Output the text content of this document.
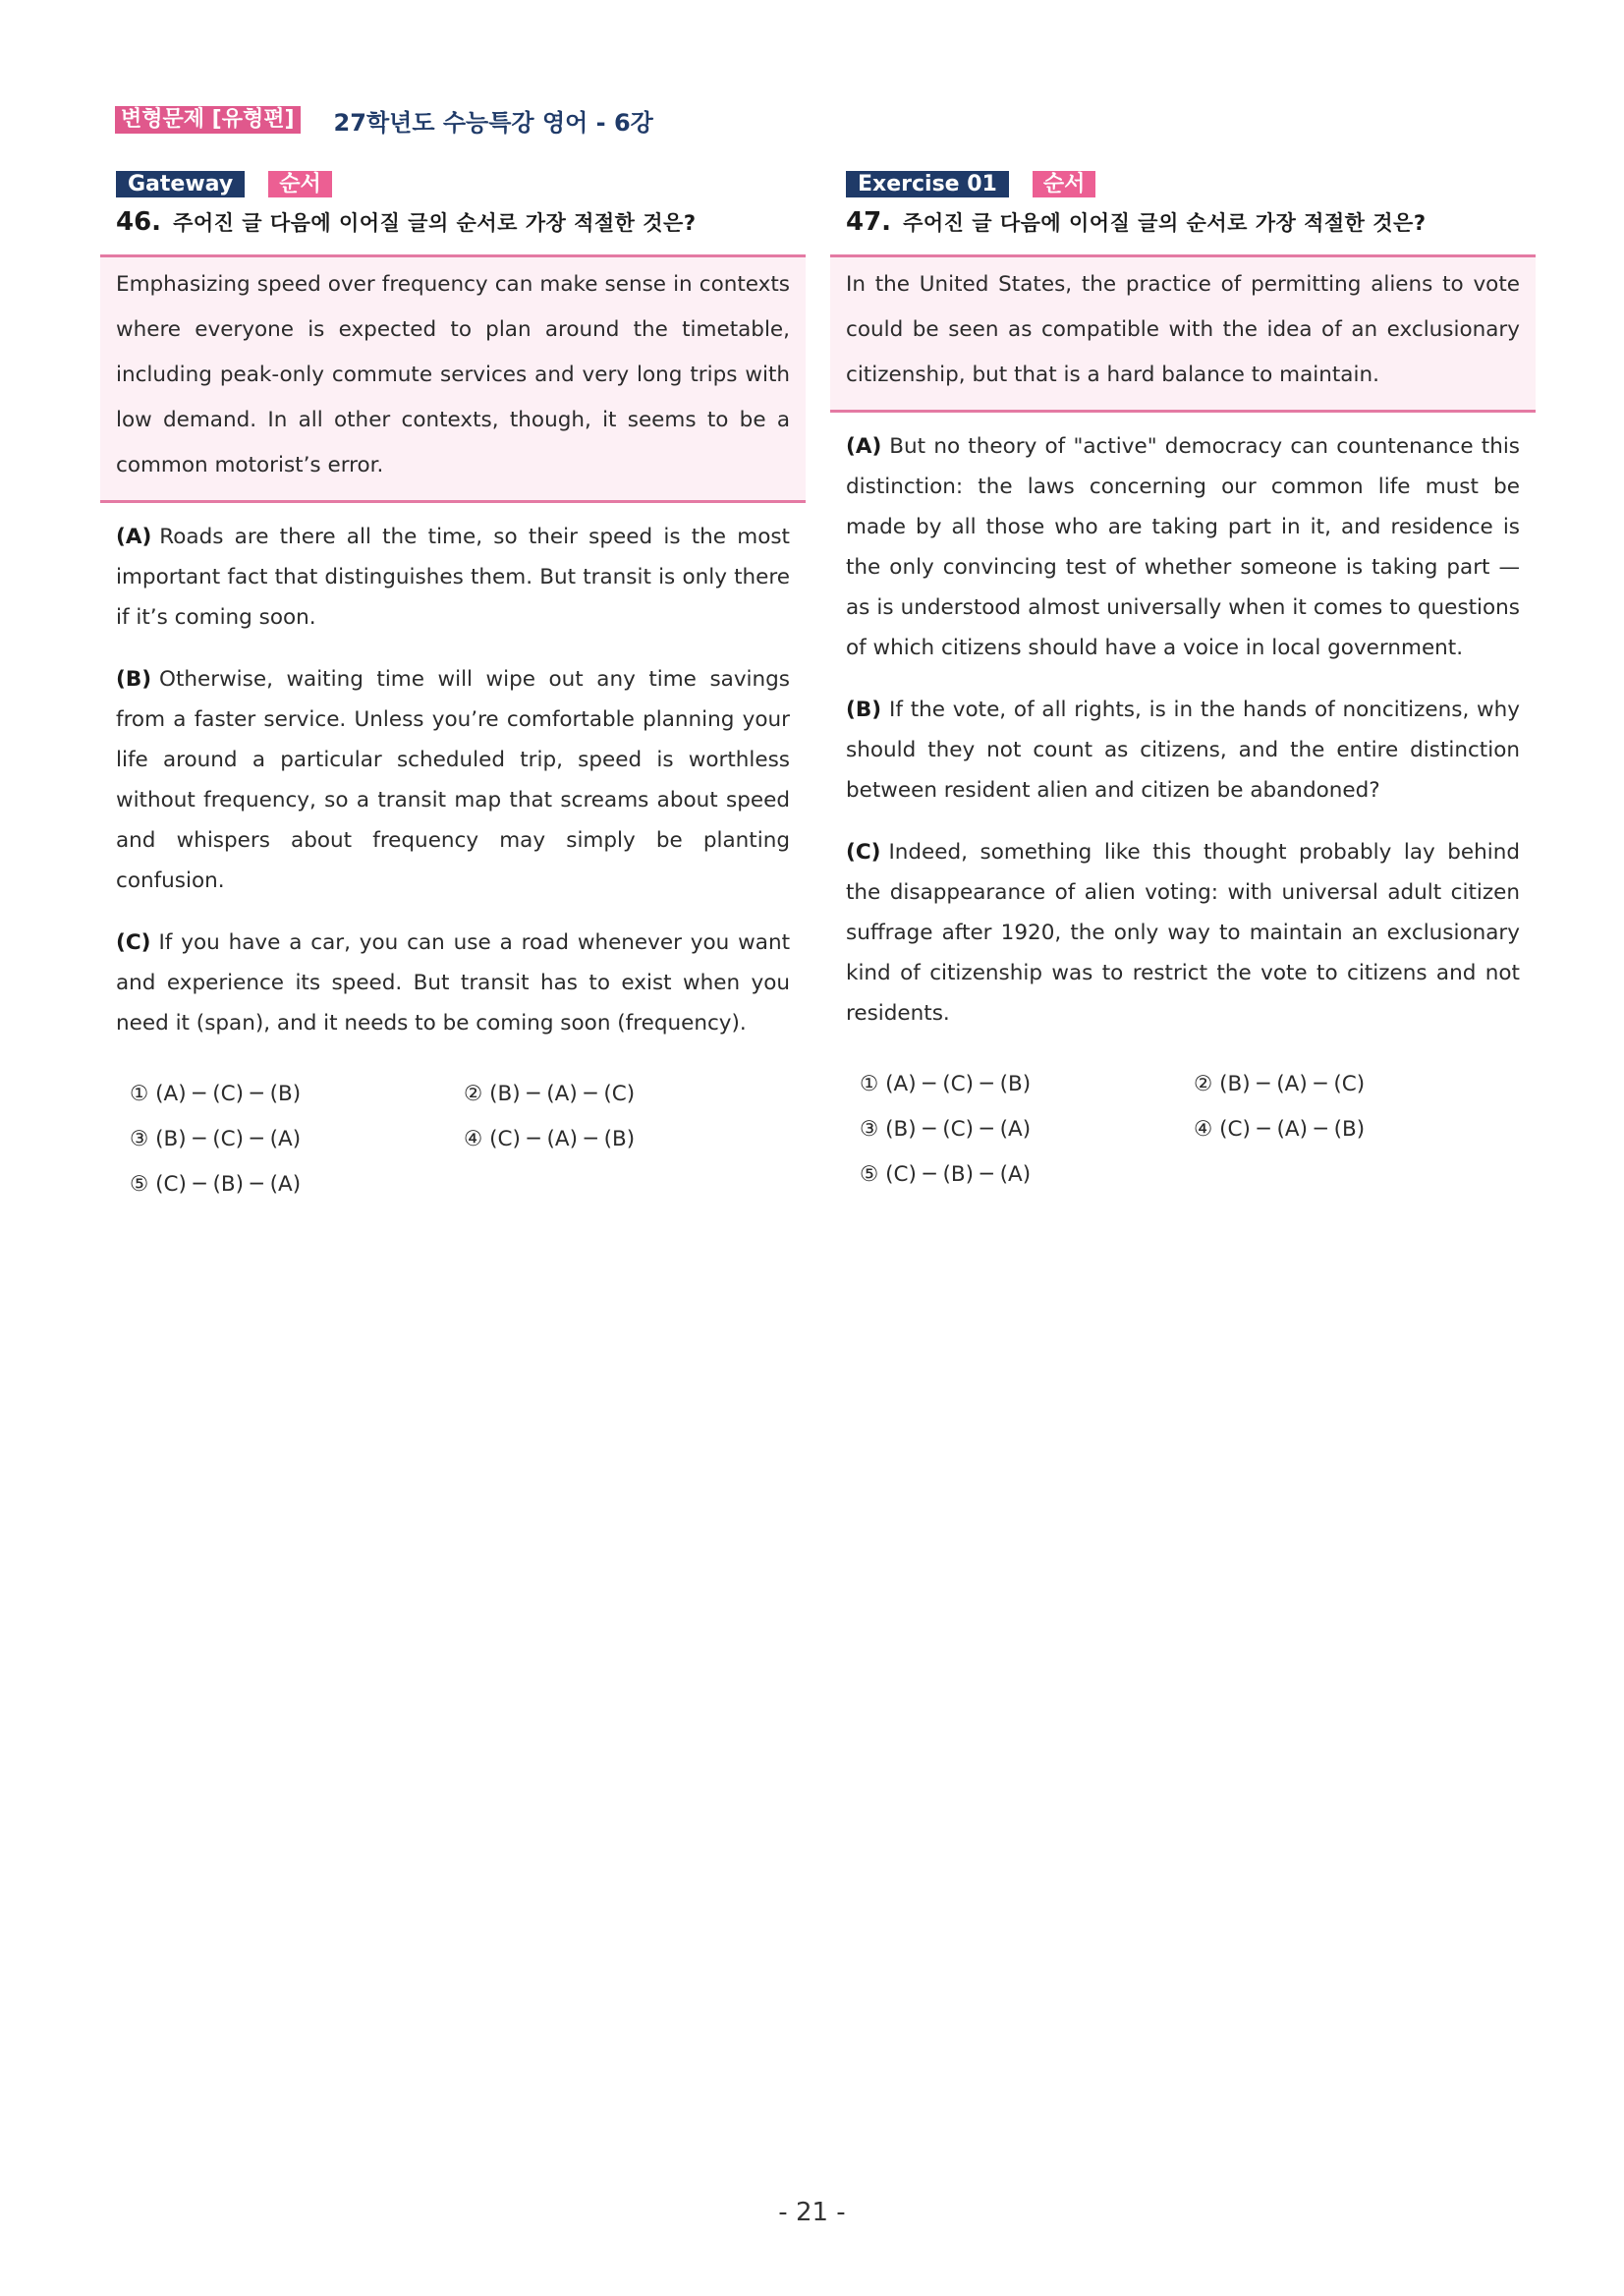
변형문제 [유형편] 27학년도 수능특강 영어 - 6강
Gateway	순서
46. 주어진 글 다음에 이어질 글의 순서로 가장 적절한 것은?

Emphasizing speed over frequency can make sense in contexts where everyone is expected to plan around the timetable, including peak-only commute services and very long trips with low demand. In all other contexts, though, it seems to be a common motorist’s error.

(A) Roads are there all the time, so their speed is the most important fact that distinguishes them. But transit is only there if it’s coming soon.

(B) Otherwise, waiting time will wipe out any time savings from a faster service. Unless you’re comfortable planning your life around a particular scheduled trip, speed is worthless without frequency, so a transit map that screams about speed and whispers about frequency may simply be planting confusion.

(C) If you have a car, you can use a road whenever you want and experience its speed. But transit has to exist when you need it (span), and it needs to be coming soon (frequency).

① (A) ─ (C) ─ (B)	② (B) ─ (A) ─ (C)
③ (B) ─ (C) ─ (A)	④ (C) ─ (A) ─ (B)
⑤ (C) ─ (B) ─ (A)
Exercise 01	순서
47. 주어진 글 다음에 이어질 글의 순서로 가장 적절한 것은?

In the United States, the practice of permitting aliens to vote could be seen as compatible with the idea of an exclusionary citizenship, but that is a hard balance to maintain.

(A) But no theory of "active" democracy can countenance this distinction: the laws concerning our common life must be made by all those who are taking part in it, and residence is the only convincing test of whether someone is taking part — as is understood almost universally when it comes to questions of which citizens should have a voice in local government.

(B) If the vote, of all rights, is in the hands of noncitizens, why should they not count as citizens, and the entire distinction between resident alien and citizen be abandoned?

(C) Indeed, something like this thought probably lay behind the disappearance of alien voting: with universal adult citizen suffrage after 1920, the only way to maintain an exclusionary kind of citizenship was to restrict the vote to citizens and not residents.

① (A) ─ (C) ─ (B)	② (B) ─ (A) ─ (C)
③ (B) ─ (C) ─ (A)	④ (C) ─ (A) ─ (B)
⑤ (C) ─ (B) ─ (A)
- 21 -
